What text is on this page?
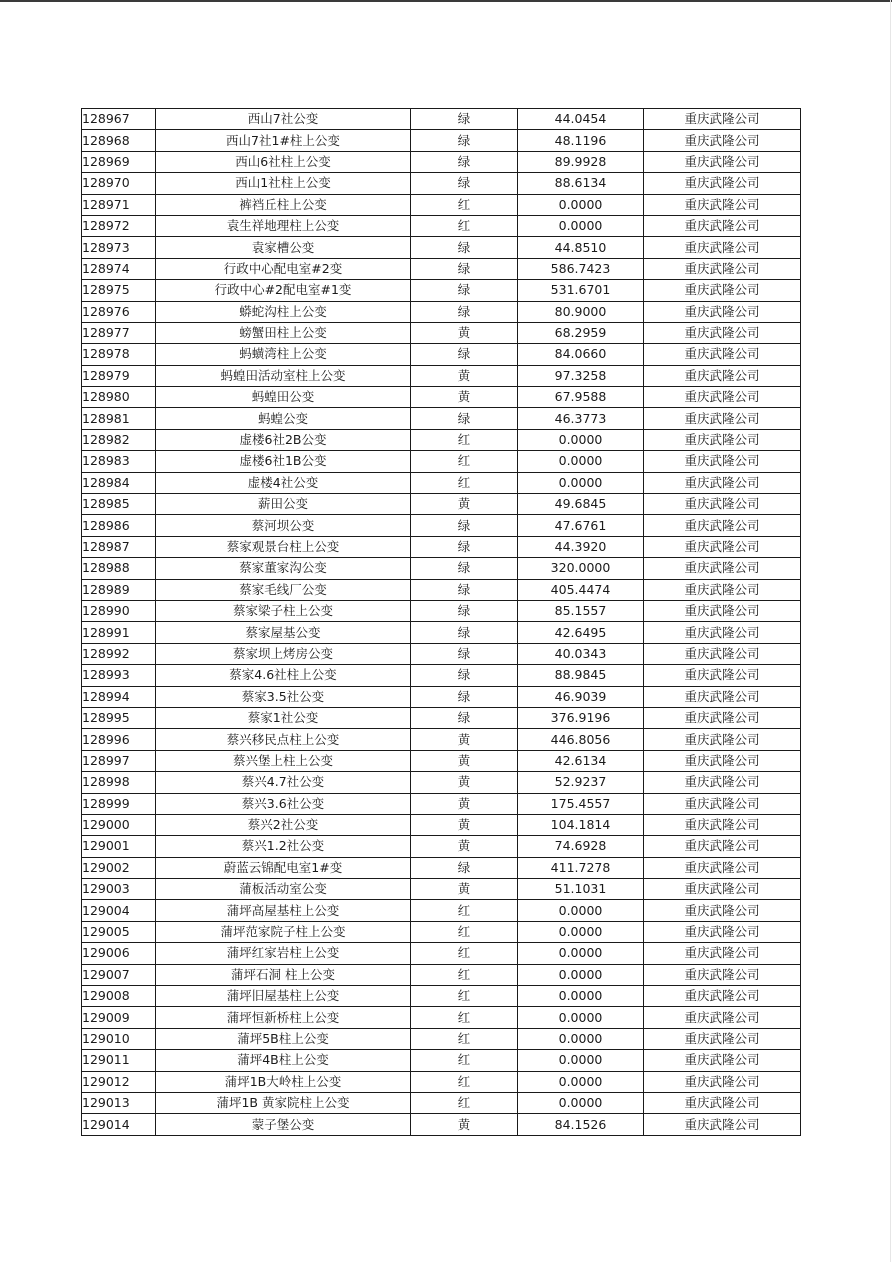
128967	西山7社公变	绿	44.0454	重庆武隆公司
128968	西山7社1#柱上公变	绿	48.1196	重庆武隆公司
128969	西山6社柱上公变	绿	89.9928	重庆武隆公司
128970	西山1社柱上公变	绿	88.6134	重庆武隆公司
128971	裤裆丘柱上公变	红	0.0000	重庆武隆公司
128972	袁生祥地理柱上公变	红	0.0000	重庆武隆公司
128973	袁家槽公变	绿	44.8510	重庆武隆公司
128974	行政中心配电室#2变	绿	586.7423	重庆武隆公司
128975	行政中心#2配电室#1变	绿	531.6701	重庆武隆公司
128976	蟒蛇沟柱上公变	绿	80.9000	重庆武隆公司
128977	螃蟹田柱上公变	黄	68.2959	重庆武隆公司
128978	蚂蟥湾柱上公变	绿	84.0660	重庆武隆公司
128979	蚂蝗田活动室柱上公变	黄	97.3258	重庆武隆公司
128980	蚂蝗田公变	黄	67.9588	重庆武隆公司
128981	蚂蝗公变	绿	46.3773	重庆武隆公司
128982	虚楼6社2B公变	红	0.0000	重庆武隆公司
128983	虚楼6社1B公变	红	0.0000	重庆武隆公司
128984	虚楼4社公变	红	0.0000	重庆武隆公司
128985	薪田公变	黄	49.6845	重庆武隆公司
128986	蔡河坝公变	绿	47.6761	重庆武隆公司
128987	蔡家观景台柱上公变	绿	44.3920	重庆武隆公司
128988	蔡家董家沟公变	绿	320.0000	重庆武隆公司
128989	蔡家毛线厂公变	绿	405.4474	重庆武隆公司
128990	蔡家梁子柱上公变	绿	85.1557	重庆武隆公司
128991	蔡家屋基公变	绿	42.6495	重庆武隆公司
128992	蔡家坝上烤房公变	绿	40.0343	重庆武隆公司
128993	蔡家4.6社柱上公变	绿	88.9845	重庆武隆公司
128994	蔡家3.5社公变	绿	46.9039	重庆武隆公司
128995	蔡家1社公变	绿	376.9196	重庆武隆公司
128996	蔡兴移民点柱上公变	黄	446.8056	重庆武隆公司
128997	蔡兴堡上柱上公变	黄	42.6134	重庆武隆公司
128998	蔡兴4.7社公变	黄	52.9237	重庆武隆公司
128999	蔡兴3.6社公变	黄	175.4557	重庆武隆公司
129000	蔡兴2社公变	黄	104.1814	重庆武隆公司
129001	蔡兴1.2社公变	黄	74.6928	重庆武隆公司
129002	蔚蓝云锦配电室1#变	绿	411.7278	重庆武隆公司
129003	蒲板活动室公变	黄	51.1031	重庆武隆公司
129004	蒲坪高屋基柱上公变	红	0.0000	重庆武隆公司
129005	蒲坪范家院子柱上公变	红	0.0000	重庆武隆公司
129006	蒲坪红家岩柱上公变	红	0.0000	重庆武隆公司
129007	蒲坪石洞 柱上公变	红	0.0000	重庆武隆公司
129008	蒲坪旧屋基柱上公变	红	0.0000	重庆武隆公司
129009	蒲坪恒新桥柱上公变	红	0.0000	重庆武隆公司
129010	蒲坪5B柱上公变	红	0.0000	重庆武隆公司
129011	蒲坪4B柱上公变	红	0.0000	重庆武隆公司
129012	蒲坪1B大岭柱上公变	红	0.0000	重庆武隆公司
129013	蒲坪1B 黄家院柱上公变	红	0.0000	重庆武隆公司
129014	蒙子堡公变	黄	84.1526	重庆武隆公司
